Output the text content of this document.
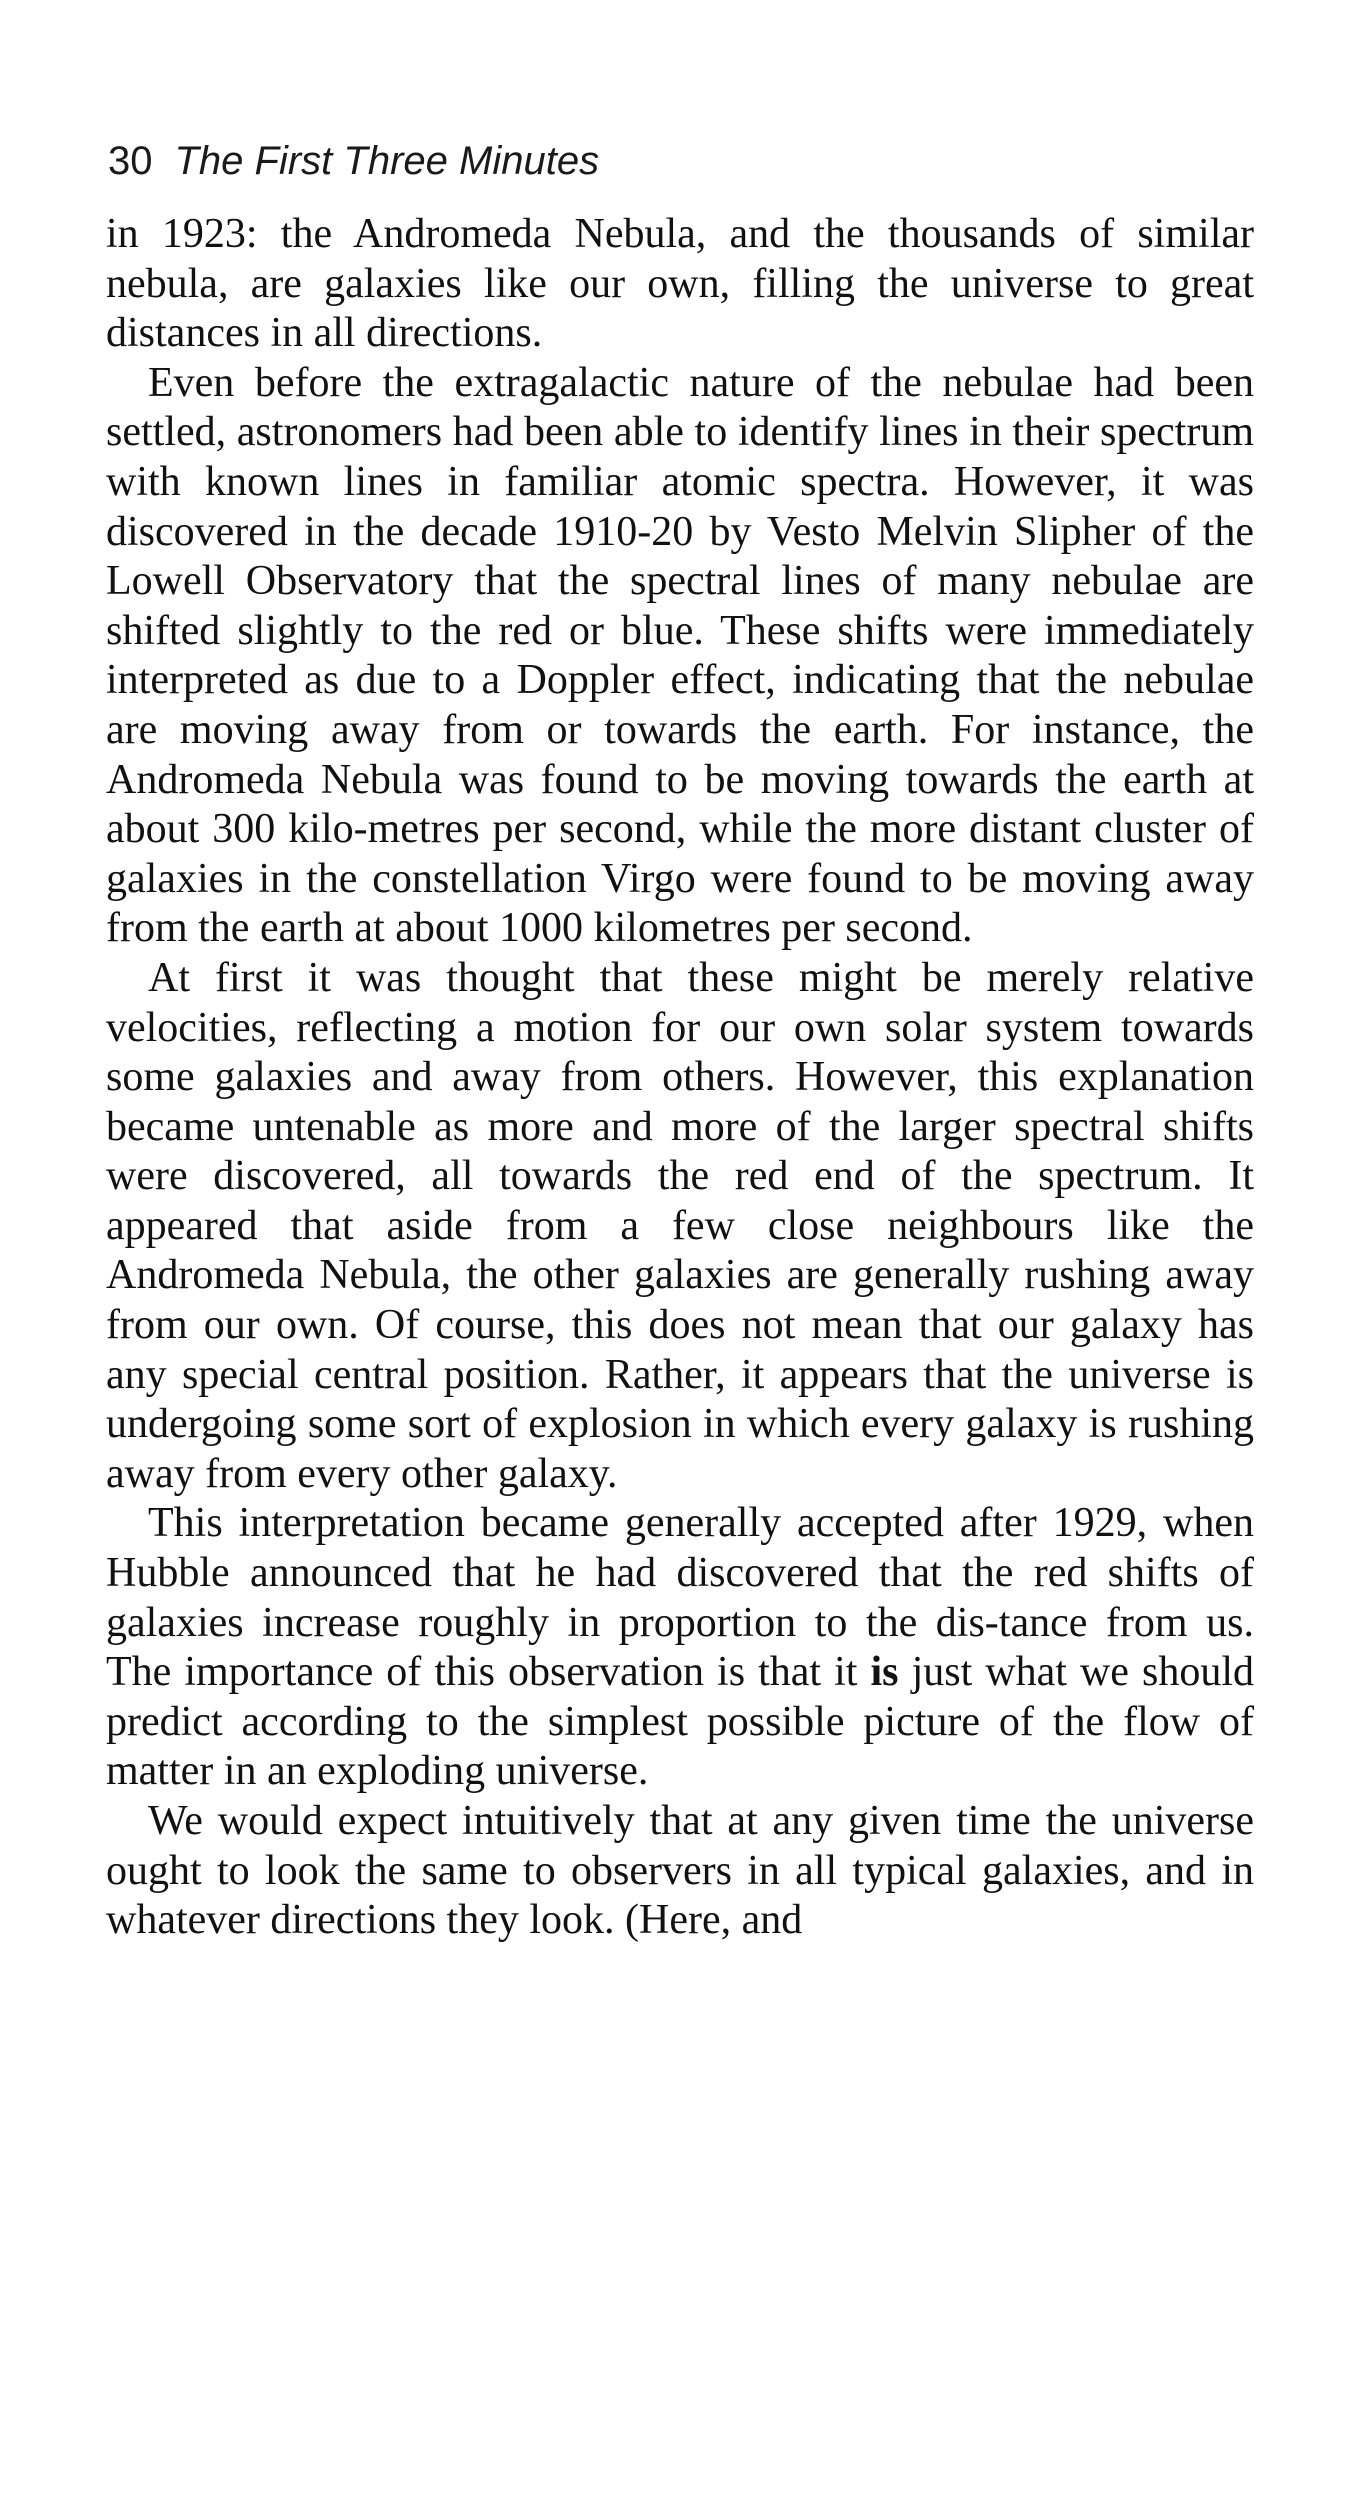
30 The First Three Minutes

in 1923: the Andromeda Nebula, and the thousands of similar nebula, are galaxies like our own, filling the universe to great distances in all directions.

Even before the extragalactic nature of the nebulae had been settled, astronomers had been able to identify lines in their spectrum with known lines in familiar atomic spectra. However, it was discovered in the decade 1910-20 by Vesto Melvin Slipher of the Lowell Observatory that the spectral lines of many nebulae are shifted slightly to the red or blue. These shifts were immediately interpreted as due to a Doppler effect, indicating that the nebulae are moving away from or towards the earth. For instance, the Andromeda Nebula was found to be moving towards the earth at about 300 kilo-metres per second, while the more distant cluster of galaxies in the constellation Virgo were found to be moving away from the earth at about 1000 kilometres per second.

At first it was thought that these might be merely relative velocities, reflecting a motion for our own solar system towards some galaxies and away from others. However, this explanation became untenable as more and more of the larger spectral shifts were discovered, all towards the red end of the spectrum. It appeared that aside from a few close neighbours like the Andromeda Nebula, the other galaxies are generally rushing away from our own. Of course, this does not mean that our galaxy has any special central position. Rather, it appears that the universe is undergoing some sort of explosion in which every galaxy is rushing away from every other galaxy.

This interpretation became generally accepted after 1929, when Hubble announced that he had discovered that the red shifts of galaxies increase roughly in proportion to the dis-tance from us. The importance of this observation is that it is just what we should predict according to the simplest possible picture of the flow of matter in an exploding universe.

We would expect intuitively that at any given time the universe ought to look the same to observers in all typical galaxies, and in whatever directions they look. (Here, and
